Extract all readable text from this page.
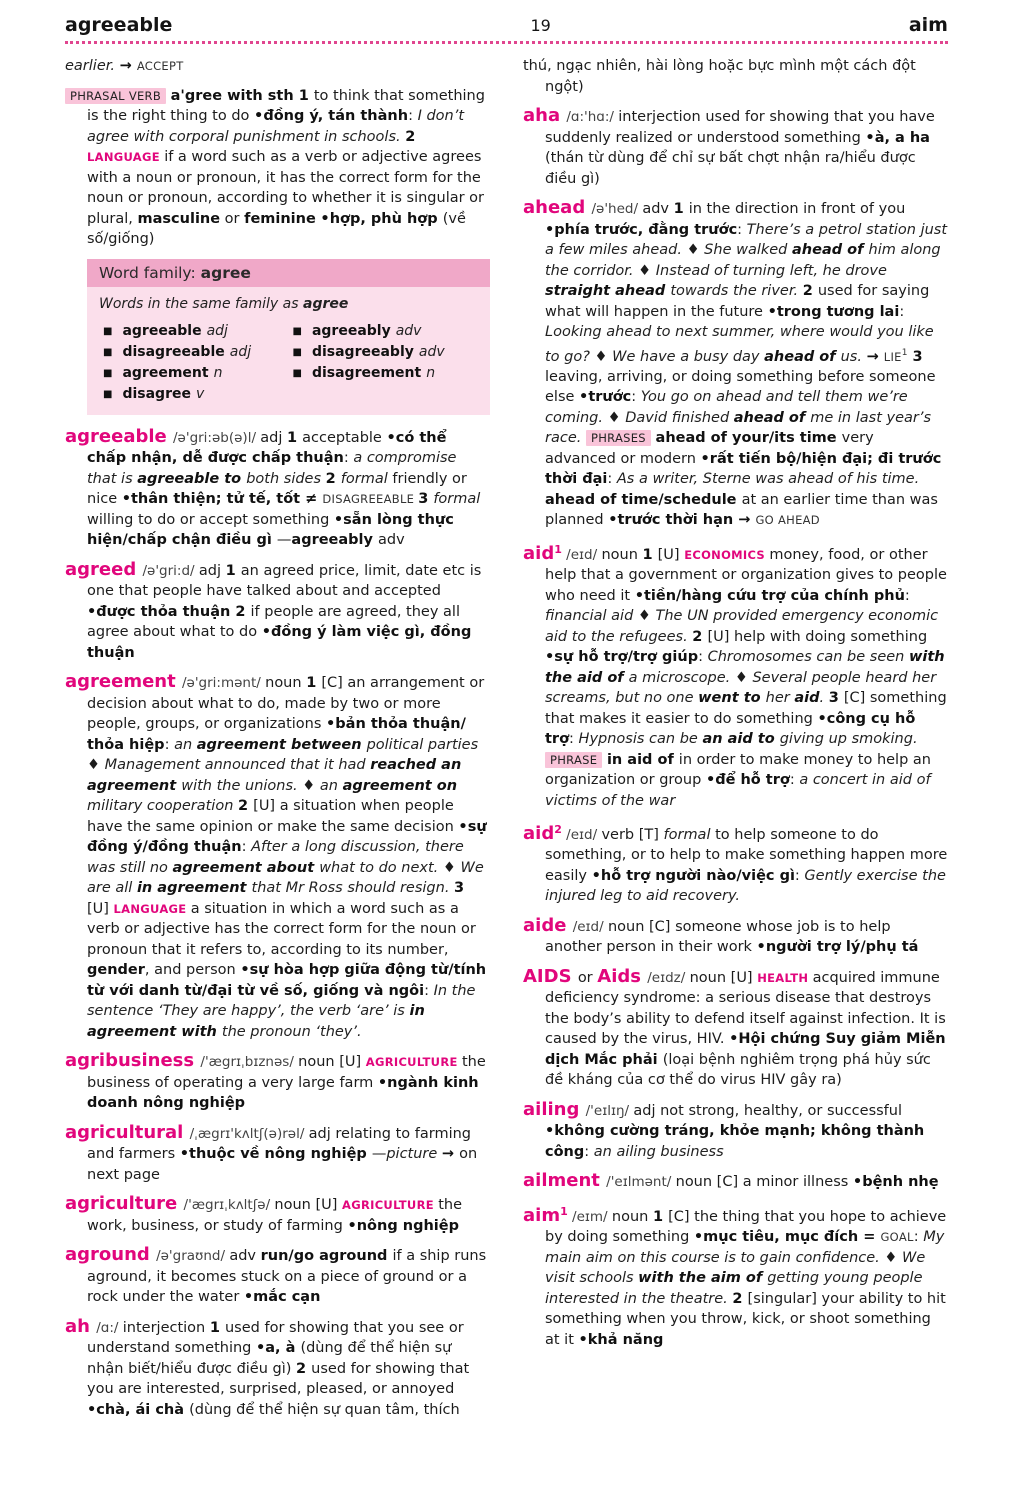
agreeable	19	aim
earlier. → ACCEPT
PHRASAL VERB a'gree with sth 1 to think that something is the right thing to do •đồng ý, tán thành: I don’t agree with corporal punishment in schools. 2 LANGUAGE if a word such as a verb or adjective agrees with a noun or pronoun, it has the correct form for the noun or pronoun, according to whether it is singular or plural, masculine or feminine •hợp, phù hợp (về số/giống)
Word family: agree

Words in the same family as agree

■ agreeable adj
■ disagreeable adj
■ agreement n
■ disagree v
■ agreeably adv
■ disagreeably adv
■ disagreement n
agreeable /ə'gri:əb(ə)l/ adj 1 acceptable •có thể chấp nhận, dễ được chấp thuận: a compromise that is agreeable to both sides 2 formal friendly or nice •thân thiện; tử tế, tốt ≠ DISAGREEABLE 3 formal willing to do or accept something •sẵn lòng thực hiện/chấp chận điều gì —agreeably adv
agreed /ə'gri:d/ adj 1 an agreed price, limit, date etc is one that people have talked about and accepted •được thỏa thuận 2 if people are agreed, they all agree about what to do •đồng ý làm việc gì, đồng thuận
agreement /ə'gri:mənt/ noun 1 [C] an arrangement or decision about what to do, made by two or more people, groups, or organizations •bản thỏa thuận/ thỏa hiệp: an agreement between political parties ♦ Management announced that it had reached an agreement with the unions. ♦ an agreement on military cooperation 2 [U] a situation when people have the same opinion or make the same decision •sự đồng ý/đồng thuận: After a long discussion, there was still no agreement about what to do next. ♦ We are all in agreement that Mr Ross should resign. 3 [U] LANGUAGE a situation in which a word such as a verb or adjective has the correct form for the noun or pronoun that it refers to, according to its number, gender, and person •sự hòa hợp giữa động từ/tính từ với danh từ/đại từ về số, giống và ngôi: In the sentence ‘They are happy’, the verb ‘are’ is in agreement with the pronoun ‘they’.
agribusiness /'ægrɪˌbɪznəs/ noun [U] AGRICULTURE the business of operating a very large farm •ngành kinh doanh nông nghiệp
agricultural /ˌægrɪ'kʌltʃ(ə)rəl/ adj relating to farming and farmers •thuộc về nông nghiệp —picture → on next page
agriculture /'ægrɪˌkʌltʃə/ noun [U] AGRICULTURE the work, business, or study of farming •nông nghiệp
aground /ə'graʊnd/ adv run/go aground if a ship runs aground, it becomes stuck on a piece of ground or a rock under the water •mắc cạn
ah /ɑ:/ interjection 1 used for showing that you see or understand something •a, à (dùng để thể hiện sự nhận biết/hiểu được điều gì) 2 used for showing that you are interested, surprised, pleased, or annoyed •chà, ái chà (dùng để thể hiện sự quan tâm, thích
thú, ngạc nhiên, hài lòng hoặc bực mình một cách đột ngột)
aha /ɑ:'hɑ:/ interjection used for showing that you have suddenly realized or understood something •à, a ha (thán từ dùng để chỉ sự bất chợt nhận ra/hiểu được điều gì)
ahead /ə'hed/ adv 1 in the direction in front of you •phía trước, đằng trước: There’s a petrol station just a few miles ahead. ♦ She walked ahead of him along the corridor. ♦ Instead of turning left, he drove straight ahead towards the river. 2 used for saying what will happen in the future •trong tương lai: Looking ahead to next summer, where would you like to go? ♦ We have a busy day ahead of us. → $LIE^1$ 3 leaving, arriving, or doing something before someone else •trước: You go on ahead and tell them we’re coming. ♦ David finished ahead of me in last year’s race. PHRASES ahead of your/its time very advanced or modern •rất tiến bộ/hiện đại; đi trước thời đại: As a writer, Sterne was ahead of his time. ahead of time/schedule at an earlier time than was planned •trước thời hạn → GO AHEAD
aid$^1$ /eɪd/ noun 1 [U] ECONOMICS money, food, or other help that a government or organization gives to people who need it •tiền/hàng cứu trợ của chính phủ: financial aid ♦ The UN provided emergency economic aid to the refugees. 2 [U] help with doing something •sự hỗ trợ/trợ giúp: Chromosomes can be seen with the aid of a microscope. ♦ Several people heard her screams, but no one went to her aid. 3 [C] something that makes it easier to do something •công cụ hỗ trợ: Hypnosis can be an aid to giving up smoking. PHRASE in aid of in order to make money to help an organization or group •để hỗ trợ: a concert in aid of victims of the war
aid$^2$ /eɪd/ verb [T] formal to help someone to do something, or to help to make something happen more easily •hỗ trợ người nào/việc gì: Gently exercise the injured leg to aid recovery.
aide /eɪd/ noun [C] someone whose job is to help another person in their work •người trợ lý/phụ tá
AIDS or Aids /eɪdz/ noun [U] HEALTH acquired immune deficiency syndrome: a serious disease that destroys the body’s ability to defend itself against infection. It is caused by the virus, HIV. •Hội chứng Suy giảm Miễn dịch Mắc phải (loại bệnh nghiêm trọng phá hủy sức đề kháng của cơ thể do virus HIV gây ra)
ailing /'eɪlɪŋ/ adj not strong, healthy, or successful •không cường tráng, khỏe mạnh; không thành công: an ailing business
ailment /'eɪlmənt/ noun [C] a minor illness •bệnh nhẹ
aim$^1$ /eɪm/ noun 1 [C] the thing that you hope to achieve by doing something •mục tiêu, mục đích = GOAL: My main aim on this course is to gain confidence. ♦ We visit schools with the aim of getting young people interested in the theatre. 2 [singular] your ability to hit something when you throw, kick, or shoot something at it •khả năng
